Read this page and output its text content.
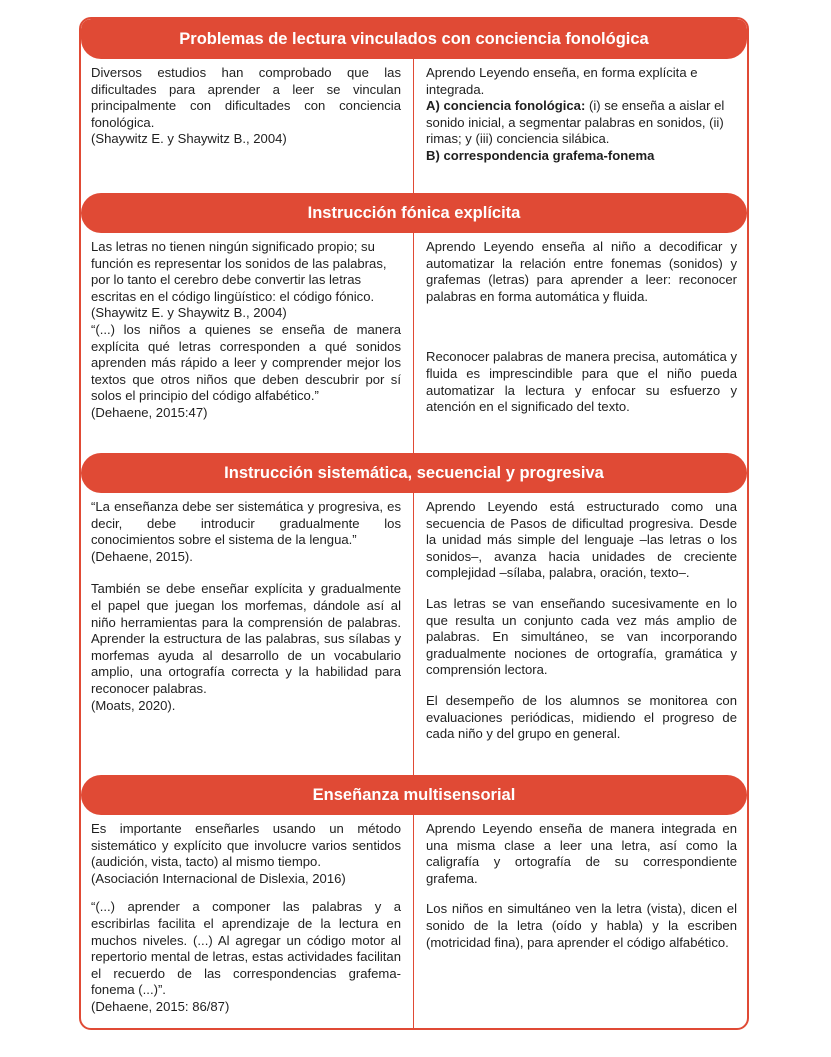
Problemas de lectura vinculados con conciencia fonológica
Diversos estudios han comprobado que las dificultades para aprender a leer se vinculan principalmente con dificultades con conciencia fonológica.
(Shaywitz E. y Shaywitz B., 2004)
Aprendo Leyendo enseña, en forma explícita e integrada.
A) conciencia fonológica: (i) se enseña a aislar el sonido inicial, a segmentar palabras en sonidos, (ii) rimas; y (iii) conciencia silábica.
B) correspondencia grafema-fonema
Instrucción fónica explícita
Las letras no tienen ningún significado propio; su función es representar los sonidos de las palabras, por lo tanto el cerebro debe convertir las letras escritas en el código lingüístico: el código fónico.
(Shaywitz E. y Shaywitz B., 2004)
“(...) los niños a quienes se enseña de manera explícita qué letras corresponden a qué sonidos aprenden más rápido a leer y comprender mejor los textos que otros niños que deben descubrir por sí solos el principio del código alfabético.”
(Dehaene, 2015:47)

Aprendo Leyendo enseña al niño a decodificar y automatizar la relación entre fonemas (sonidos) y grafemas (letras) para aprender a leer: reconocer palabras en forma automática y fluida.

Reconocer palabras de manera precisa, automática y fluida es imprescindible para que el niño pueda automatizar la lectura y enfocar su esfuerzo y atención en el significado del texto.

Instrucción sistemática, secuencial y progresiva
“La enseñanza debe ser sistemática y progresiva, es decir, debe introducir gradualmente los conocimientos sobre el sistema de la lengua.”
(Dehaene, 2015).
También se debe enseñar explícita y gradualmente el papel que juegan los morfemas, dándole así al niño herramientas para la comprensión de palabras. Aprender la estructura de las palabras, sus sílabas y morfemas ayuda al desarrollo de un vocabulario amplio, una ortografía correcta y la habilidad para reconocer palabras.
(Moats, 2020).

Aprendo Leyendo está estructurado como una secuencia de Pasos de dificultad progresiva. Desde la unidad más simple del lenguaje –las letras o los sonidos–, avanza hacia unidades de creciente complejidad –sílaba, palabra, oración, texto–.

Las letras se van enseñando sucesivamente en lo que resulta un conjunto cada vez más amplio de palabras. En simultáneo, se van incorporando gradualmente nociones de ortografía, gramática y comprensión lectora.

El desempeño de los alumnos se monitorea con evaluaciones periódicas, midiendo el progreso de cada niño y del grupo en general.

Enseñanza multisensorial
Es importante enseñarles usando un método sistemático y explícito que involucre varios sentidos (audición, vista, tacto) al mismo tiempo.
(Asociación Internacional de Dislexia, 2016)
“(...) aprender a componer las palabras y a escribirlas facilita el aprendizaje de la lectura en muchos niveles. (...) Al agregar un código motor al repertorio mental de letras, estas actividades facilitan el recuerdo de las correspondencias grafema-fonema (...)”.
(Dehaene, 2015: 86/87)

Aprendo Leyendo enseña de manera integrada en una misma clase a leer una letra, así como la caligrafía y ortografía de su correspondiente grafema.

Los niños en simultáneo ven la letra (vista), dicen el sonido de la letra (oído y habla) y la escriben (motricidad fina), para aprender el código alfabético.
